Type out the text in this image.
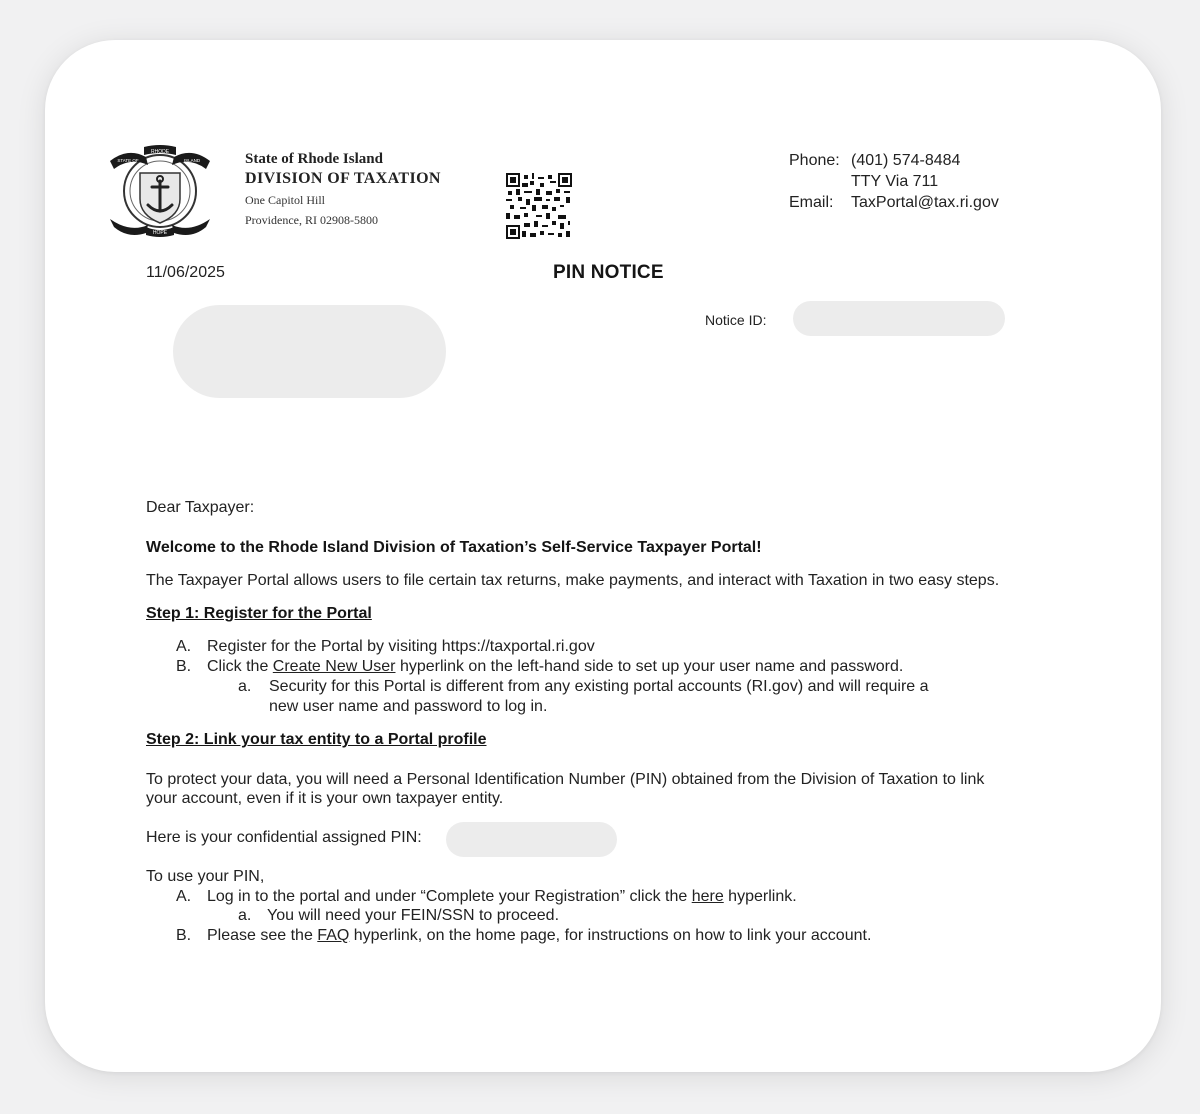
RHODE
STATE OF	ISLAND
HOPE
State of Rhode Island
DIVISION OF TAXATION
One Capitol Hill
Providence, RI 02908-5800
Phone: (401) 574-8484
TTY Via 711
Email:	TaxPortal@tax.ri.gov
11/06/2025	PIN NOTICE
Notice ID:
Dear Taxpayer:
Welcome to the Rhode Island Division of Taxation’s Self-Service Taxpayer Portal!
The Taxpayer Portal allows users to file certain tax returns, make payments, and interact with Taxation in two easy steps.
Step 1: Register for the Portal
A. Register for the Portal by visiting https://taxportal.ri.gov
B. Click the Create New User hyperlink on the left-hand side to set up your user name and password.
a. Security for this Portal is different from any existing portal accounts (RI.gov) and will require a
new user name and password to log in.
Step 2: Link your tax entity to a Portal profile
To protect your data, you will need a Personal Identification Number (PIN) obtained from the Division of Taxation to link
your account, even if it is your own taxpayer entity.
Here is your confidential assigned PIN:
To use your PIN,
A. Log in to the portal and under “Complete your Registration” click the here hyperlink.
a. You will need your FEIN/SSN to proceed.
B. Please see the FAQ hyperlink, on the home page, for instructions on how to link your account.
